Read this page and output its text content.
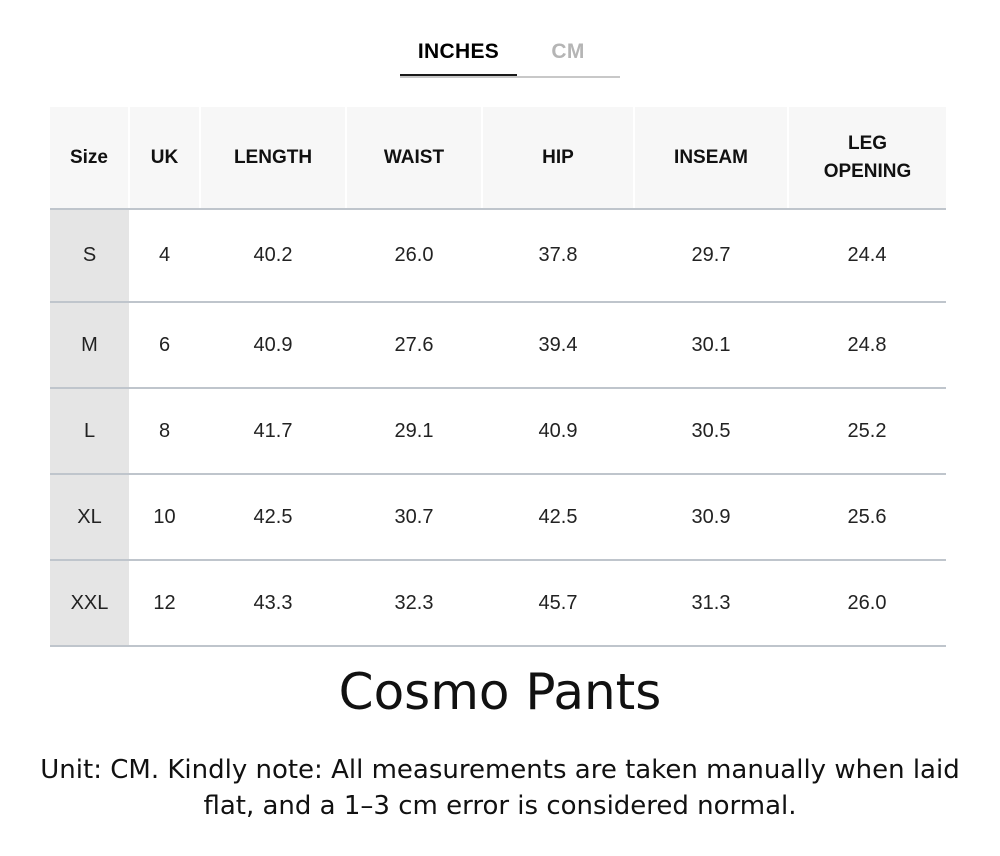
INCHES	CM
Size	UK	LENGTH	WAIST	HIP	INSEAM	LEG
OPENING
S	4	40.2	26.0	37.8	29.7	24.4
M	6	40.9	27.6	39.4	30.1	24.8
L	8	41.7	29.1	40.9	30.5	25.2
XL	10	42.5	30.7	42.5	30.9	25.6
XXL	12	43.3	32.3	45.7	31.3	26.0
Cosmo Pants
Unit: CM. Kindly note: All measurements are taken manually when laid flat, and a 1–3 cm error is considered normal.
